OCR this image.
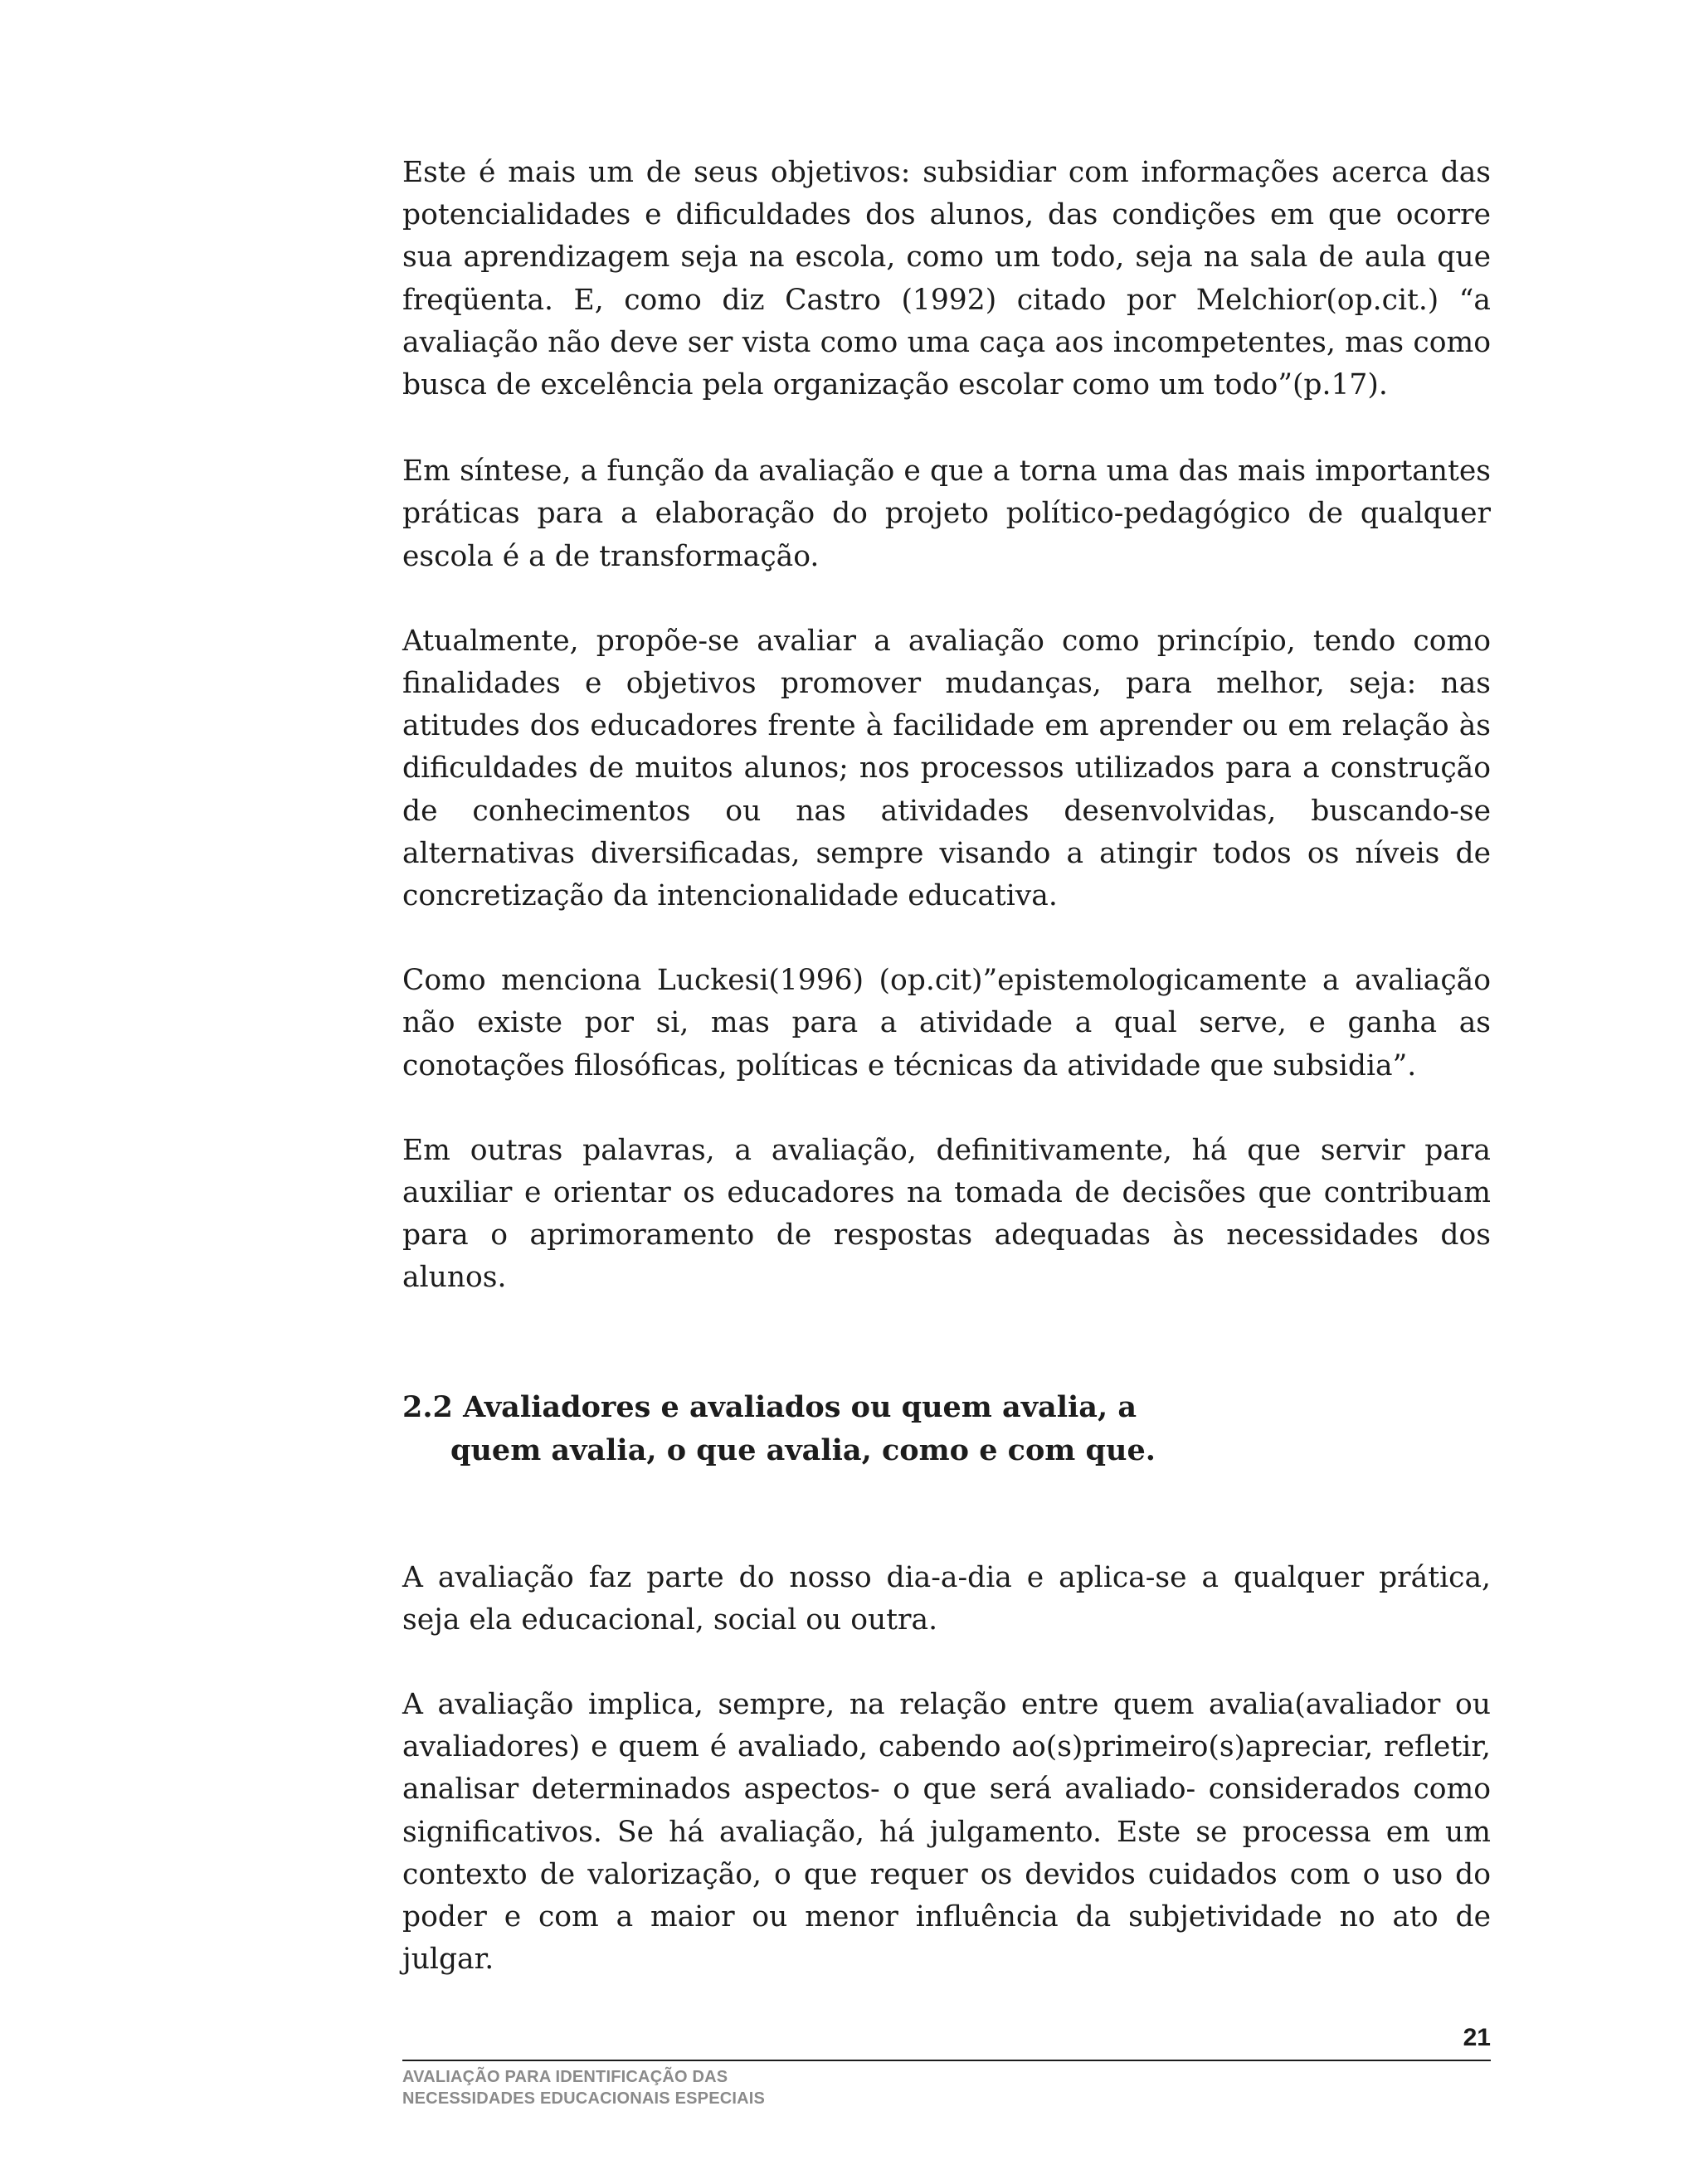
Este é mais um de seus objetivos: subsidiar com informações acerca das potencialidades e dificuldades dos alunos, das condições em que ocorre sua aprendizagem seja na escola, como um todo, seja na sala de aula que freqüenta. E, como diz Castro (1992) citado por Melchior(op.cit.) “a avaliação não deve ser vista como uma caça aos incompetentes, mas como busca de excelência pela organização escolar como um todo”(p.17).

Em síntese, a função da avaliação e que a torna uma das mais importantes práticas para a elaboração do projeto político-pedagógico de qualquer escola é a de transformação.

Atualmente, propõe-se avaliar a avaliação como princípio, tendo como finalidades e objetivos promover mudanças, para melhor, seja: nas atitudes dos educadores frente à facilidade em aprender ou em relação às dificuldades de muitos alunos; nos processos utilizados para a construção de conhecimentos ou nas atividades desenvolvidas, buscando-se alternativas diversificadas, sempre visando a atingir todos os níveis de concretização da intencionalidade educativa.

Como menciona Luckesi(1996) (op.cit)”epistemologicamente a avaliação não existe por si, mas para a atividade a qual serve, e ganha as conotações filosóficas, políticas e técnicas da atividade que subsidia”.

Em outras palavras, a avaliação, definitivamente, há que servir para auxiliar e orientar os educadores na tomada de decisões que contribuam para o aprimoramento de respostas adequadas às necessidades dos alunos.

2.2 Avaliadores e avaliados ou quem avalia, a
quem avalia, o que avalia, como e com que.

A avaliação faz parte do nosso dia-a-dia e aplica-se a qualquer prática, seja ela educacional, social ou outra.

A avaliação implica, sempre, na relação entre quem avalia(avaliador ou avaliadores) e quem é avaliado, cabendo ao(s)primeiro(s)apreciar, refletir, analisar determinados aspectos- o que será avaliado- considerados como significativos. Se há avaliação, há julgamento. Este se processa em um contexto de valorização, o que requer os devidos cuidados com o uso do poder e com a maior ou menor influência da subjetividade no ato de julgar.

21
AVALIAÇÃO PARA IDENTIFICAÇÃO DAS
NECESSIDADES EDUCACIONAIS ESPECIAIS
